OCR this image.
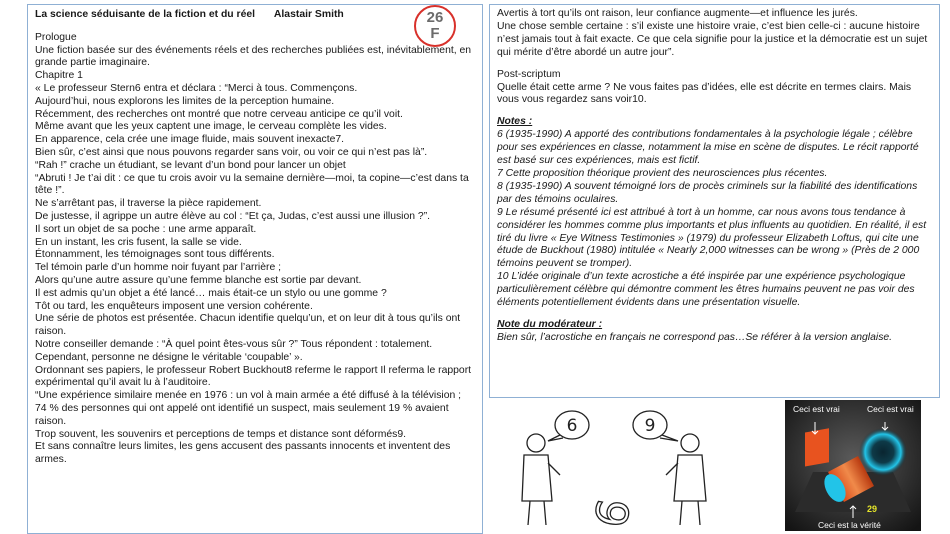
La science séduisante de la fiction et du réel Alastair Smith

Prologue

Une fiction basée sur des événements réels et des recherches publiées est, inévitablement, en grande partie imaginaire.

Chapitre 1

« Le professeur Stern6 entra et déclara : “Merci à tous. Commençons.

Aujourd’hui, nous explorons les limites de la perception humaine.

Récemment, des recherches ont montré que notre cerveau anticipe ce qu’il voit.

Même avant que les yeux captent une image, le cerveau complète les vides.

En apparence, cela crée une image fluide, mais souvent inexacte7.

Bien sûr, c’est ainsi que nous pouvons regarder sans voir, ou voir ce qui n’est pas là”.

“Rah !” crache un étudiant, se levant d’un bond pour lancer un objet

“Abruti ! Je t’ai dit : ce que tu crois avoir vu la semaine dernière—moi, ta copine—c’est dans ta tête !”.

Ne s’arrêtant pas, il traverse la pièce rapidement.

De justesse, il agrippe un autre élève au col : “Et ça, Judas, c’est aussi une illusion ?”.

Il sort un objet de sa poche : une arme apparaît.

En un instant, les cris fusent, la salle se vide.

Étonnamment, les témoignages sont tous différents.

Tel témoin parle d’un homme noir fuyant par l’arrière ;

Alors qu’une autre assure qu’une femme blanche est sortie par devant.

Il est admis qu’un objet a été lancé… mais était-ce un stylo ou une gomme ?

Tôt ou tard, les enquêteurs imposent une version cohérente.

Une série de photos est présentée. Chacun identifie quelqu’un, et on leur dit à tous qu’ils ont raison.

Notre conseiller demande : “À quel point êtes-vous sûr ?” Tous répondent : totalement. Cependant, personne ne désigne le véritable ‘coupable’ ».

Ordonnant ses papiers, le professeur Robert Buckhout8 referme le rapport Il referma le rapport expérimental qu’il avait lu à l’auditoire.

“Une expérience similaire menée en 1976 : un vol à main armée a été diffusé à la télévision ; 74 % des personnes qui ont appelé ont identifié un suspect, mais seulement 19 % avaient raison.

Trop souvent, les souvenirs et perceptions de temps et distance sont déformés9.

Et sans connaître leurs limites, les gens accusent des passants innocents et inventent des armes.

26
F

Avertis à tort qu’ils ont raison, leur confiance augmente—et influence les jurés.

Une chose semble certaine : s’il existe une histoire vraie, c’est bien celle-ci : aucune histoire n’est jamais tout à fait exacte. Ce que cela signifie pour la justice et la démocratie est un sujet qui mérite d’être abordé un autre jour”.

Post-scriptum

Quelle était cette arme ? Ne vous faites pas d’idées, elle est décrite en termes clairs. Mais vous vous regardez sans voir10.

Notes :

6 (1935-1990) A apporté des contributions fondamentales à la psychologie légale ; célèbre pour ses expériences en classe, notamment la mise en scène de disputes. Le récit rapporté est basé sur ces expériences, mais est fictif.

7 Cette proposition théorique provient des neurosciences plus récentes.

8 (1935-1990) A souvent témoigné lors de procès criminels sur la fiabilité des identifications par des témoins oculaires.

9 Le résumé présenté ici est attribué à tort à un homme, car nous avons tous tendance à considérer les hommes comme plus importants et plus influents au quotidien. En réalité, il est tiré du livre « Eye Witness Testimonies » (1979) du professeur Elizabeth Loftus, qui cite une étude de Buckhout (1980) intitulée « Nearly 2,000 witnesses can be wrong » (Près de 2 000 témoins peuvent se tromper).

10 L’idée originale d’un texte acrostiche a été inspirée par une expérience psychologique particulièrement célèbre qui démontre comment les êtres humains peuvent ne pas voir des éléments potentiellement évidents dans une présentation visuelle.

Note du modérateur :

Bien sûr, l’acrostiche en français ne correspond pas…Se référer à la version anglaise.

6	9
6
Ceci est vrai	Ceci est vrai
29
Ceci est la vérité
